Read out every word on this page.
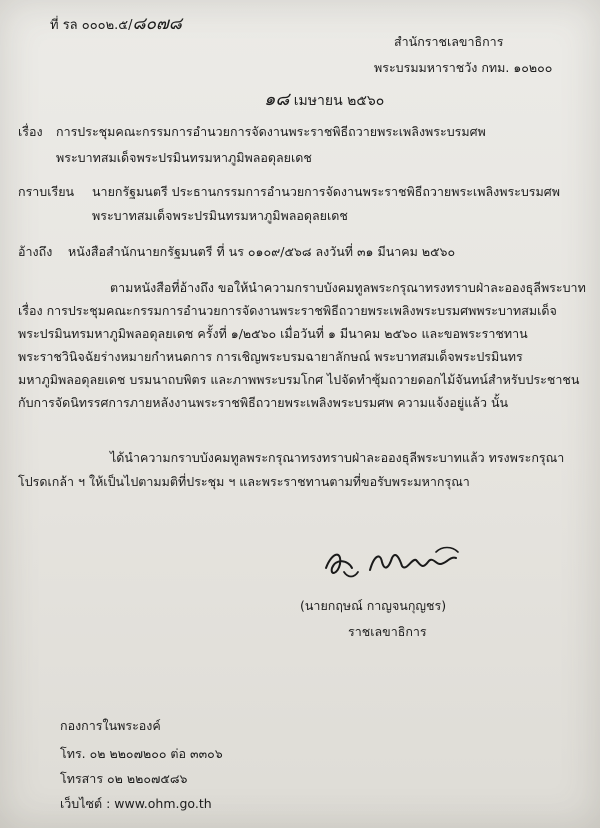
ที่ รล ๐๐๐๒.๕/๘๐๗๘
สำนักราชเลขาธิการ
พระบรมมหาราชวัง กทม. ๑๐๒๐๐
๑๘ เมษายน ๒๕๖๐
เรื่อง การประชุมคณะกรรมการอำนวยการจัดงานพระราชพิธีถวายพระเพลิงพระบรมศพ
พระบาทสมเด็จพระปรมินทรมหาภูมิพลอดุลยเดช
กราบเรียน นายกรัฐมนตรี ประธานกรรมการอำนวยการจัดงานพระราชพิธีถวายพระเพลิงพระบรมศพ
พระบาทสมเด็จพระปรมินทรมหาภูมิพลอดุลยเดช
อ้างถึง หนังสือสำนักนายกรัฐมนตรี ที่ นร ๐๑๐๙/๕๖๘ ลงวันที่ ๓๑ มีนาคม ๒๕๖๐
ตามหนังสือที่อ้างถึง ขอให้นำความกราบบังคมทูลพระกรุณาทรงทราบฝ่าละอองธุลีพระบาท
เรื่อง การประชุมคณะกรรมการอำนวยการจัดงานพระราชพิธีถวายพระเพลิงพระบรมศพพระบาทสมเด็จ
พระปรมินทรมหาภูมิพลอดุลยเดช ครั้งที่ ๑/๒๕๖๐ เมื่อวันที่ ๑ มีนาคม ๒๕๖๐ และขอพระราชทาน
พระราชวินิจฉัยร่างหมายกำหนดการ การเชิญพระบรมฉายาลักษณ์ พระบาทสมเด็จพระปรมินทร
มหาภูมิพลอดุลยเดช บรมนาถบพิตร และภาพพระบรมโกศ ไปจัดทำซุ้มถวายดอกไม้จันทน์สำหรับประชาชน
กับการจัดนิทรรศการภายหลังงานพระราชพิธีถวายพระเพลิงพระบรมศพ ความแจ้งอยู่แล้ว นั้น
ได้นำความกราบบังคมทูลพระกรุณาทรงทราบฝ่าละอองธุลีพระบาทแล้ว ทรงพระกรุณา
โปรดเกล้า ฯ ให้เป็นไปตามมติที่ประชุม ฯ และพระราชทานตามที่ขอรับพระมหากรุณา
(นายกฤษณ์ กาญจนกุญชร)
ราชเลขาธิการ
กองการในพระองค์
โทร. ๐๒ ๒๒๐๗๒๐๐ ต่อ ๓๓๐๖
โทรสาร ๐๒ ๒๒๐๗๕๘๖
เว็บไซต์ : www.ohm.go.th
